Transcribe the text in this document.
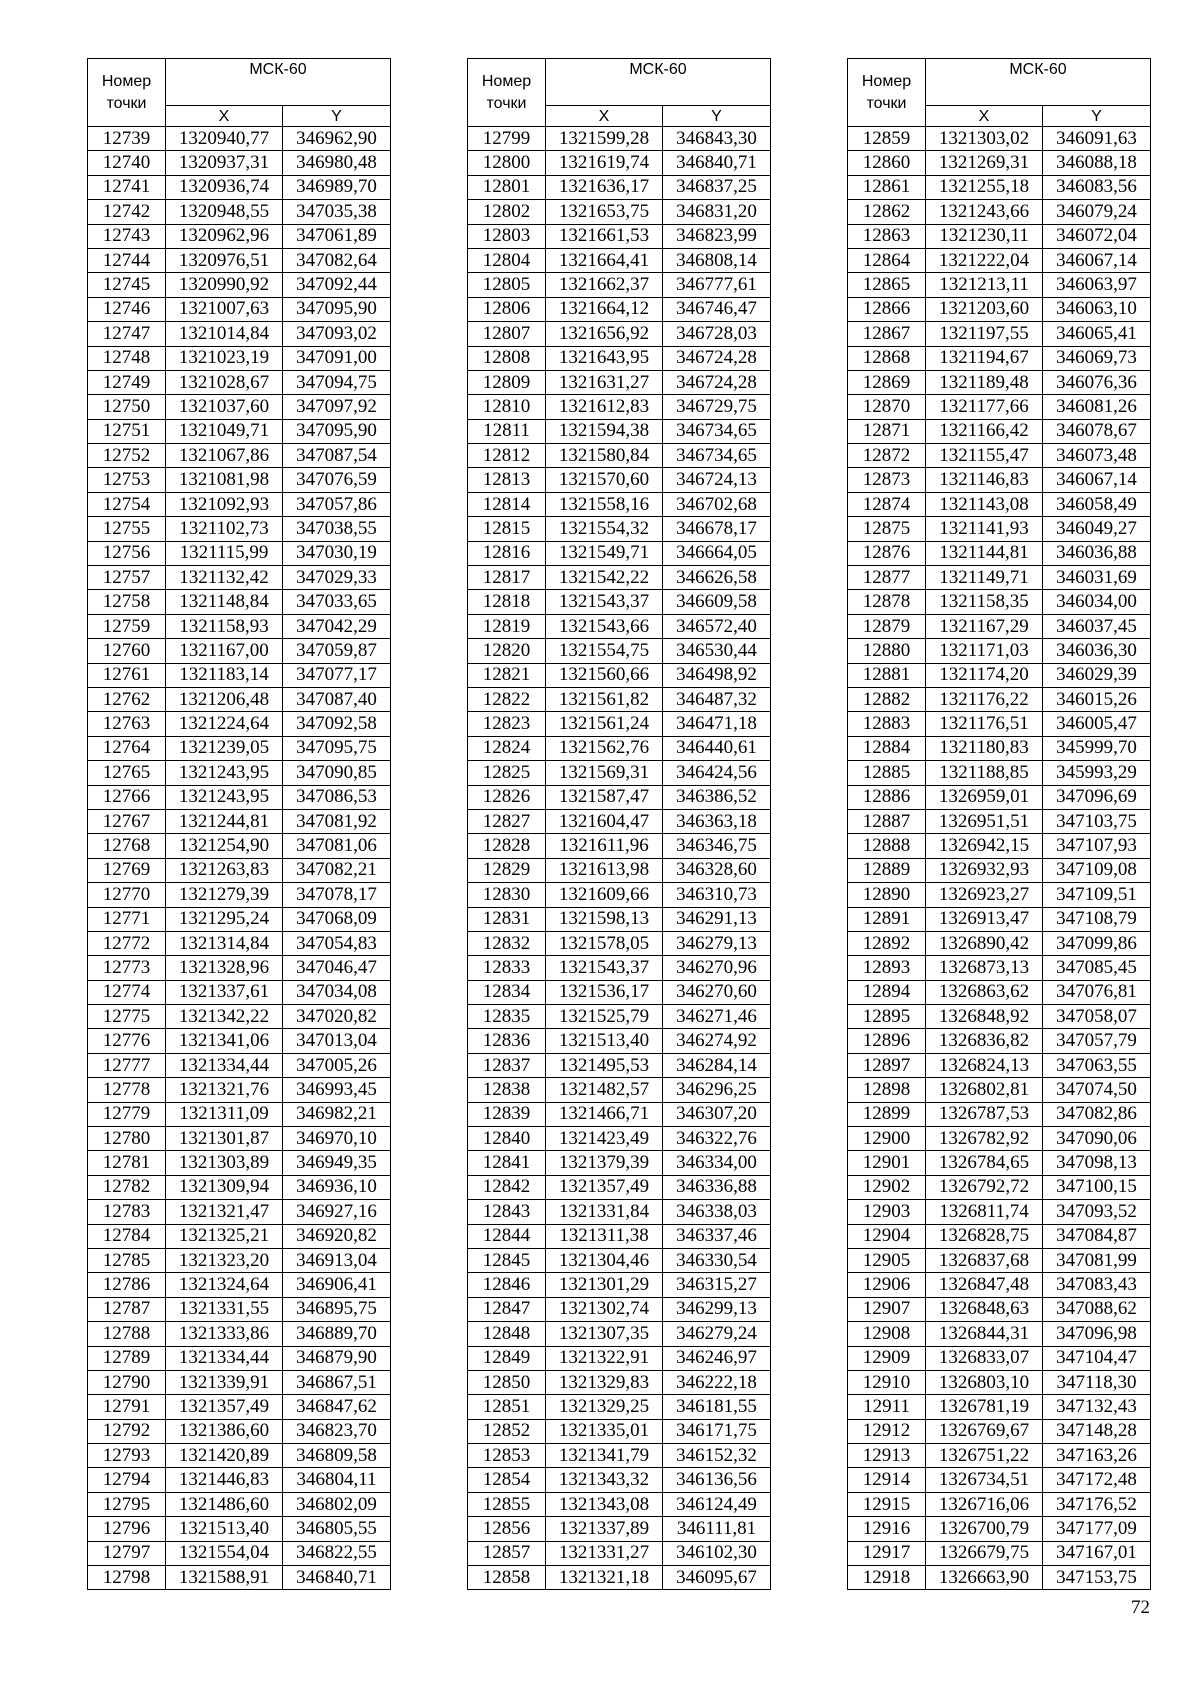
Номер точки	МСК-60	
	X	Y
12739	1320940,77	346962,90
12740	1320937,31	346980,48
12741	1320936,74	346989,70
12742	1320948,55	347035,38
12743	1320962,96	347061,89
12744	1320976,51	347082,64
12745	1320990,92	347092,44
12746	1321007,63	347095,90
12747	1321014,84	347093,02
12748	1321023,19	347091,00
12749	1321028,67	347094,75
12750	1321037,60	347097,92
12751	1321049,71	347095,90
12752	1321067,86	347087,54
12753	1321081,98	347076,59
12754	1321092,93	347057,86
12755	1321102,73	347038,55
12756	1321115,99	347030,19
12757	1321132,42	347029,33
12758	1321148,84	347033,65
12759	1321158,93	347042,29
12760	1321167,00	347059,87
12761	1321183,14	347077,17
12762	1321206,48	347087,40
12763	1321224,64	347092,58
12764	1321239,05	347095,75
12765	1321243,95	347090,85
12766	1321243,95	347086,53
12767	1321244,81	347081,92
12768	1321254,90	347081,06
12769	1321263,83	347082,21
12770	1321279,39	347078,17
12771	1321295,24	347068,09
12772	1321314,84	347054,83
12773	1321328,96	347046,47
12774	1321337,61	347034,08
12775	1321342,22	347020,82
12776	1321341,06	347013,04
12777	1321334,44	347005,26
12778	1321321,76	346993,45
12779	1321311,09	346982,21
12780	1321301,87	346970,10
12781	1321303,89	346949,35
12782	1321309,94	346936,10
12783	1321321,47	346927,16
12784	1321325,21	346920,82
12785	1321323,20	346913,04
12786	1321324,64	346906,41
12787	1321331,55	346895,75
12788	1321333,86	346889,70
12789	1321334,44	346879,90
12790	1321339,91	346867,51
12791	1321357,49	346847,62
12792	1321386,60	346823,70
12793	1321420,89	346809,58
12794	1321446,83	346804,11
12795	1321486,60	346802,09
12796	1321513,40	346805,55
12797	1321554,04	346822,55
12798	1321588,91	346840,71
Номер точки	МСК-60	
	X	Y
12799	1321599,28	346843,30
12800	1321619,74	346840,71
12801	1321636,17	346837,25
12802	1321653,75	346831,20
12803	1321661,53	346823,99
12804	1321664,41	346808,14
12805	1321662,37	346777,61
12806	1321664,12	346746,47
12807	1321656,92	346728,03
12808	1321643,95	346724,28
12809	1321631,27	346724,28
12810	1321612,83	346729,75
12811	1321594,38	346734,65
12812	1321580,84	346734,65
12813	1321570,60	346724,13
12814	1321558,16	346702,68
12815	1321554,32	346678,17
12816	1321549,71	346664,05
12817	1321542,22	346626,58
12818	1321543,37	346609,58
12819	1321543,66	346572,40
12820	1321554,75	346530,44
12821	1321560,66	346498,92
12822	1321561,82	346487,32
12823	1321561,24	346471,18
12824	1321562,76	346440,61
12825	1321569,31	346424,56
12826	1321587,47	346386,52
12827	1321604,47	346363,18
12828	1321611,96	346346,75
12829	1321613,98	346328,60
12830	1321609,66	346310,73
12831	1321598,13	346291,13
12832	1321578,05	346279,13
12833	1321543,37	346270,96
12834	1321536,17	346270,60
12835	1321525,79	346271,46
12836	1321513,40	346274,92
12837	1321495,53	346284,14
12838	1321482,57	346296,25
12839	1321466,71	346307,20
12840	1321423,49	346322,76
12841	1321379,39	346334,00
12842	1321357,49	346336,88
12843	1321331,84	346338,03
12844	1321311,38	346337,46
12845	1321304,46	346330,54
12846	1321301,29	346315,27
12847	1321302,74	346299,13
12848	1321307,35	346279,24
12849	1321322,91	346246,97
12850	1321329,83	346222,18
12851	1321329,25	346181,55
12852	1321335,01	346171,75
12853	1321341,79	346152,32
12854	1321343,32	346136,56
12855	1321343,08	346124,49
12856	1321337,89	346111,81
12857	1321331,27	346102,30
12858	1321321,18	346095,67
Номер точки	МСК-60	
	X	Y
12859	1321303,02	346091,63
12860	1321269,31	346088,18
12861	1321255,18	346083,56
12862	1321243,66	346079,24
12863	1321230,11	346072,04
12864	1321222,04	346067,14
12865	1321213,11	346063,97
12866	1321203,60	346063,10
12867	1321197,55	346065,41
12868	1321194,67	346069,73
12869	1321189,48	346076,36
12870	1321177,66	346081,26
12871	1321166,42	346078,67
12872	1321155,47	346073,48
12873	1321146,83	346067,14
12874	1321143,08	346058,49
12875	1321141,93	346049,27
12876	1321144,81	346036,88
12877	1321149,71	346031,69
12878	1321158,35	346034,00
12879	1321167,29	346037,45
12880	1321171,03	346036,30
12881	1321174,20	346029,39
12882	1321176,22	346015,26
12883	1321176,51	346005,47
12884	1321180,83	345999,70
12885	1321188,85	345993,29
12886	1326959,01	347096,69
12887	1326951,51	347103,75
12888	1326942,15	347107,93
12889	1326932,93	347109,08
12890	1326923,27	347109,51
12891	1326913,47	347108,79
12892	1326890,42	347099,86
12893	1326873,13	347085,45
12894	1326863,62	347076,81
12895	1326848,92	347058,07
12896	1326836,82	347057,79
12897	1326824,13	347063,55
12898	1326802,81	347074,50
12899	1326787,53	347082,86
12900	1326782,92	347090,06
12901	1326784,65	347098,13
12902	1326792,72	347100,15
12903	1326811,74	347093,52
12904	1326828,75	347084,87
12905	1326837,68	347081,99
12906	1326847,48	347083,43
12907	1326848,63	347088,62
12908	1326844,31	347096,98
12909	1326833,07	347104,47
12910	1326803,10	347118,30
12911	1326781,19	347132,43
12912	1326769,67	347148,28
12913	1326751,22	347163,26
12914	1326734,51	347172,48
12915	1326716,06	347176,52
12916	1326700,79	347177,09
12917	1326679,75	347167,01
12918	1326663,90	347153,75
72
